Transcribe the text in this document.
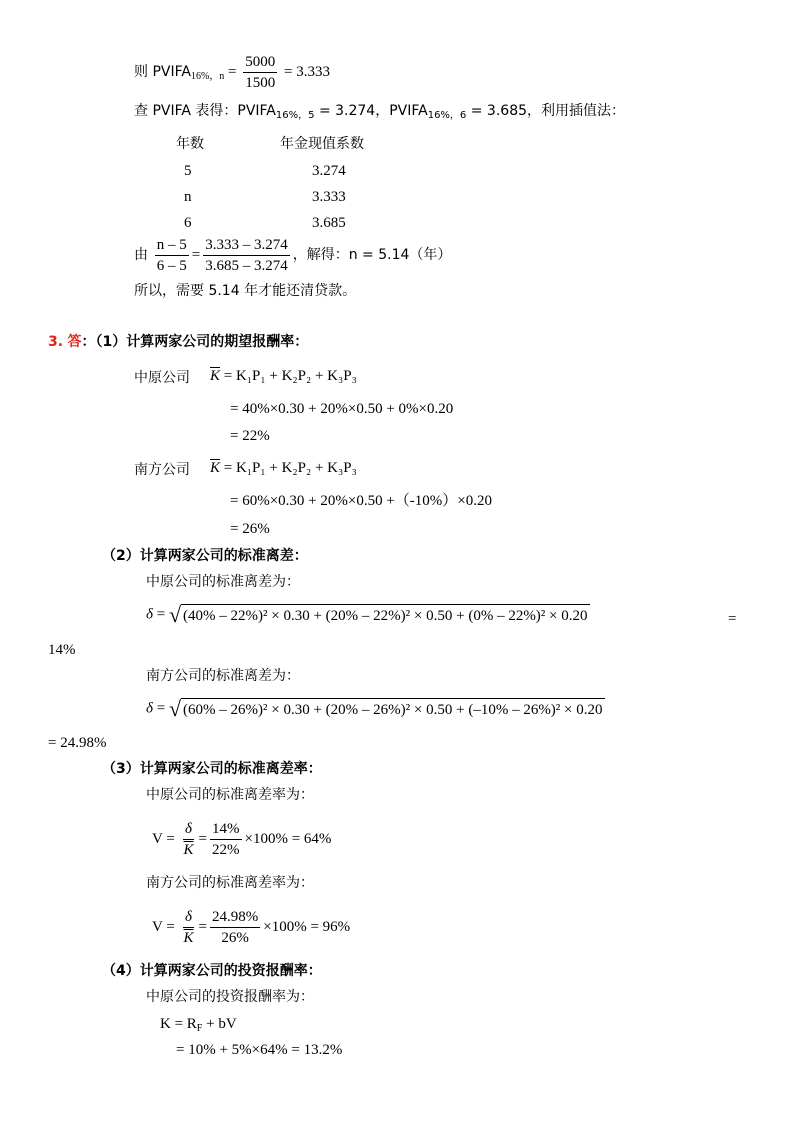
则 $PVIFA_{16\%,n} = \frac{5000}{1500} = 3.333$
查 PVIFA 表得：$PVIFA_{16\%,5} = 3.274$，$PVIFA_{16\%,6} = 3.685$，利用插值法：
年数	年金现值系数
5	3.274
n	3.333
6	3.685
由 $\frac{n - 5}{6 - 5} = \frac{3.333 - 3.274}{3.685 - 3.274}$ ，解得：n = 5.14（年）
所以，需要 5.14 年才能还清贷款。
3. 答：（1）计算两家公司的期望报酬率：
中原公司 $\overline{K} = K_1P_1 + K_2P_2 + K_3P_3$
= 40%×0.30 + 20%×0.50 + 0%×0.20
= 22%
南方公司 $\overline{K} = K_1P_1 + K_2P_2 + K_3P_3$
= 60%×0.30 + 20%×0.50 +（-10%）×0.20
= 26%
（2）计算两家公司的标准离差：
中原公司的标准离差为：
δ = √ (40% – 22%)² × 0.30 + (20% – 22%)² × 0.50 + (0% – 22%)² × 0.20	=
14%
南方公司的标准离差为：
δ = √ (60% – 26%)² × 0.30 + (20% – 26%)² × 0.50 + (–10% – 26%)² × 0.20
= 24.98%
（3）计算两家公司的标准离差率：
中原公司的标准离差率为：
$V = \frac{\delta}{K} = \frac{14\%}{22\%} \times 100\% = 64\%$
南方公司的标准离差率为：
$V = \frac{\delta}{K} = \frac{24.98\%}{26\%} \times 100\% = 96\%$
（4）计算两家公司的投资报酬率：
中原公司的投资报酬率为：
$K = R_F$ + bV
= 10% + 5%×64% = 13.2%
